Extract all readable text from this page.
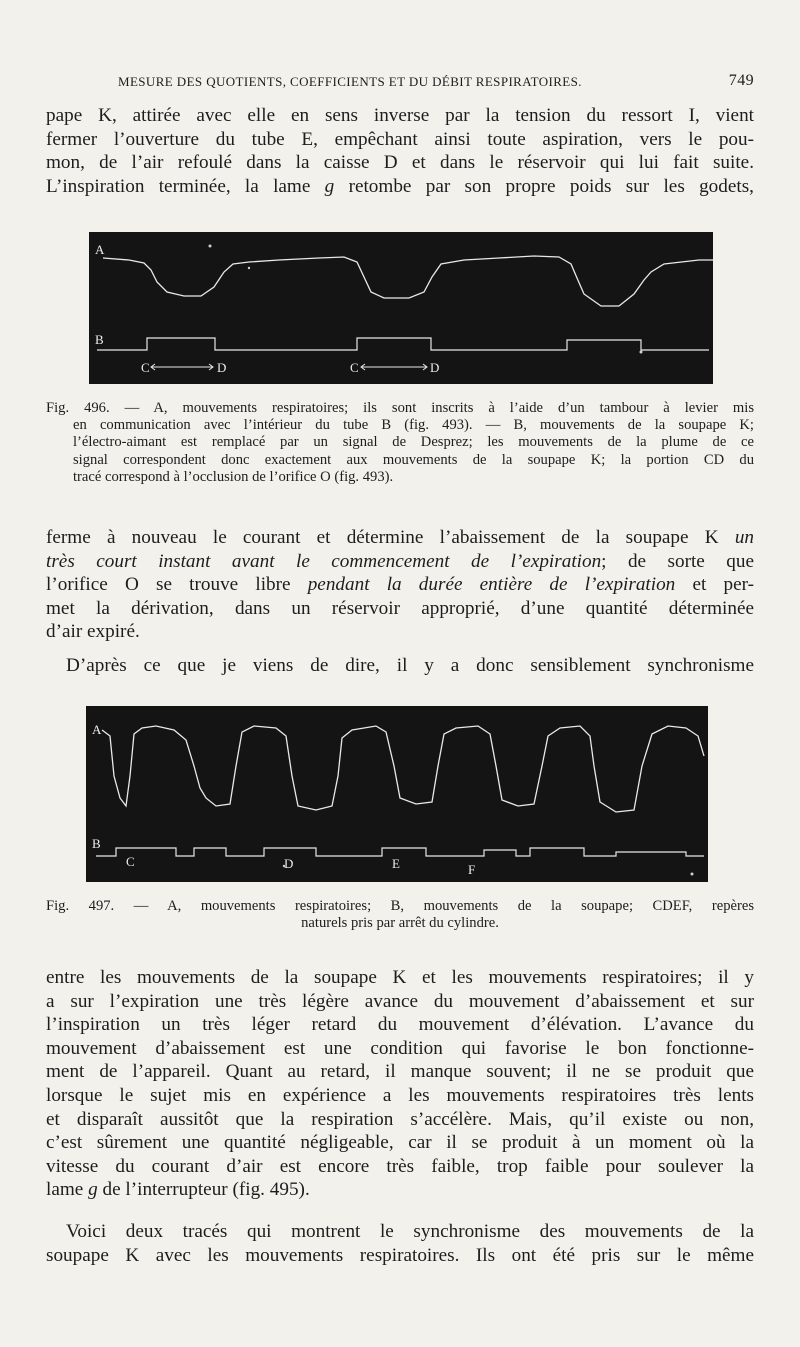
MESURE DES QUOTIENTS, COEFFICIENTS ET DU DÉBIT RESPIRATOIRES.	749

pape K, attirée avec elle en sens inverse par la tension du ressort I, vient
fermer l’ouverture du tube E, empêchant ainsi toute aspiration, vers le pou-
mon, de l’air refoulé dans la caisse D et dans le réservoir qui lui fait suite.
L’inspiration terminée, la lame g retombe par son propre poids sur les godets,

A
B
C	D	C	D

Fig. 496. — A, mouvements respiratoires; ils sont inscrits à l’aide d’un tambour à levier mis
en communication avec l’intérieur du tube B (fig. 493). — B, mouvements de la soupape K;
l’électro-aimant est remplacé par un signal de Desprez; les mouvements de la plume de ce
signal correspondent donc exactement aux mouvements de la soupape K; la portion CD du
tracé correspond à l’occlusion de l’orifice O (fig. 493).

ferme à nouveau le courant et détermine l’abaissement de la soupape K un
très court instant avant le commencement de l’expiration; de sorte que
l’orifice O se trouve libre pendant la durée entière de l’expiration et per-
met la dérivation, dans un réservoir approprié, d’une quantité déterminée
d’air expiré.

D’après ce que je viens de dire, il y a donc sensiblement synchronisme

A
B
C	D	E	F

Fig. 497. — A, mouvements respiratoires; B, mouvements de la soupape; CDEF, repères
naturels pris par arrêt du cylindre.

entre les mouvements de la soupape K et les mouvements respiratoires; il y
a sur l’expiration une très légère avance du mouvement d’abaissement et sur
l’inspiration un très léger retard du mouvement d’élévation. L’avance du
mouvement d’abaissement est une condition qui favorise le bon fonctionne-
ment de l’appareil. Quant au retard, il manque souvent; il ne se produit que
lorsque le sujet mis en expérience a les mouvements respiratoires très lents
et disparaît aussitôt que la respiration s’accélère. Mais, qu’il existe ou non,
c’est sûrement une quantité négligeable, car il se produit à un moment où la
vitesse du courant d’air est encore très faible, trop faible pour soulever la
lame g de l’interrupteur (fig. 495).

Voici deux tracés qui montrent le synchronisme des mouvements de la
soupape K avec les mouvements respiratoires. Ils ont été pris sur le même
